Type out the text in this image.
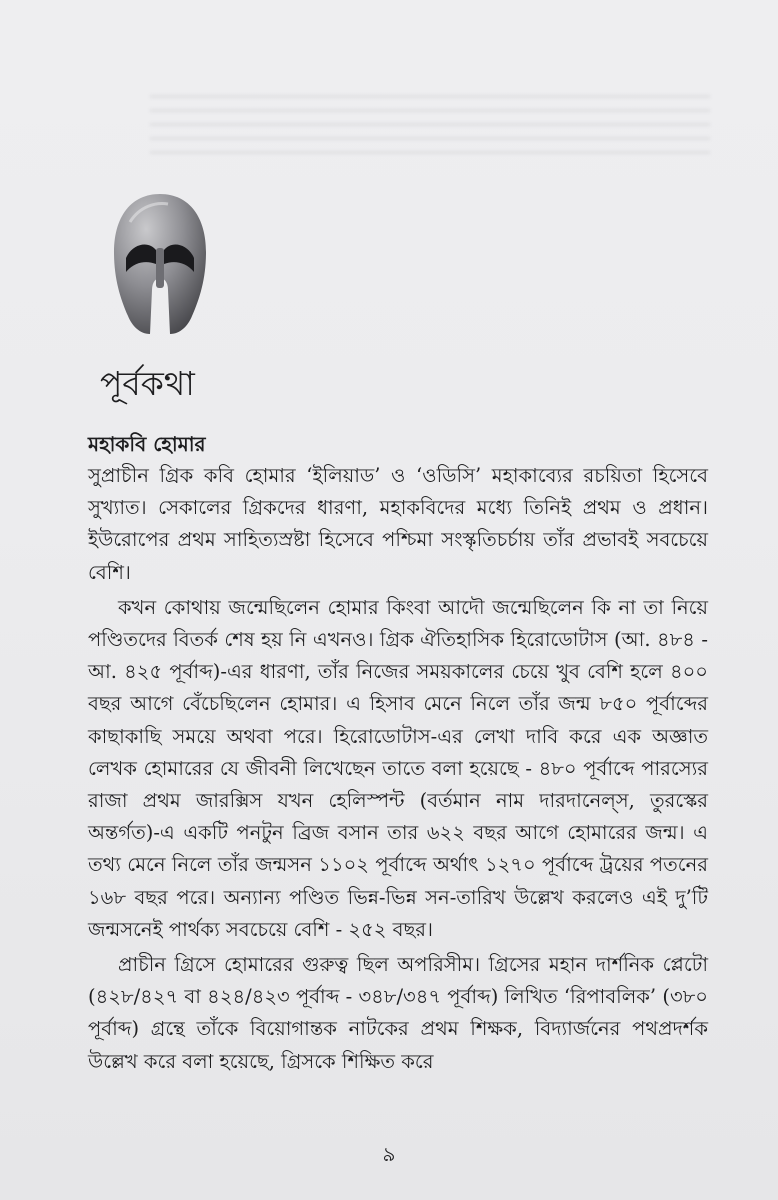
পূর্বকথা
মহাকবি হোমার

সুপ্রাচীন গ্রিক কবি হোমার ‘ইলিয়াড’ ও ‘ওডিসি’ মহাকাব্যের রচয়িতা হিসেবে সুখ্যাত। সেকালের গ্রিকদের ধারণা, মহাকবিদের মধ্যে তিনিই প্রথম ও প্রধান। ইউরোপের প্রথম সাহিত্যস্রষ্টা হিসেবে পশ্চিমা সংস্কৃতিচর্চায় তাঁর প্রভাবই সবচেয়ে বেশি।

কখন কোথায় জন্মেছিলেন হোমার কিংবা আদৌ জন্মেছিলেন কি না তা নিয়ে পণ্ডিতদের বিতর্ক শেষ হয় নি এখনও। গ্রিক ঐতিহাসিক হিরোডোটাস (আ. ৪৮৪ - আ. ৪২৫ পূর্বাব্দ)-এর ধারণা, তাঁর নিজের সময়কালের চেয়ে খুব বেশি হলে ৪০০ বছর আগে বেঁচেছিলেন হোমার। এ হিসাব মেনে নিলে তাঁর জন্ম ৮৫০ পূর্বাব্দের কাছাকাছি সময়ে অথবা পরে। হিরোডোটাস-এর লেখা দাবি করে এক অজ্ঞাত লেখক হোমারের যে জীবনী লিখেছেন তাতে বলা হয়েছে - ৪৮০ পূর্বাব্দে পারস্যের রাজা প্রথম জারক্সিস যখন হেলিস্পন্ট (বর্তমান নাম দারদানেল্‌স, তুরস্কের অন্তর্গত)-এ একটি পনটুন ব্রিজ বসান তার ৬২২ বছর আগে হোমারের জন্ম। এ তথ্য মেনে নিলে তাঁর জন্মসন ১১০২ পূর্বাব্দে অর্থাৎ ১২৭০ পূর্বাব্দে ট্রয়ের পতনের ১৬৮ বছর পরে। অন্যান্য পণ্ডিত ভিন্ন-ভিন্ন সন-তারিখ উল্লেখ করলেও এই দু’টি জন্মসনেই পার্থক্য সবচেয়ে বেশি - ২৫২ বছর।

প্রাচীন গ্রিসে হোমারের গুরুত্ব ছিল অপরিসীম। গ্রিসের মহান দার্শনিক প্লেটো (৪২৮/৪২৭ বা ৪২৪/৪২৩ পূর্বাব্দ - ৩৪৮/৩৪৭ পূর্বাব্দ) লিখিত ‘রিপাবলিক’ (৩৮০ পূর্বাব্দ) গ্রন্থে তাঁকে বিয়োগান্তক নাটকের প্রথম শিক্ষক, বিদ্যার্জনের পথপ্রদর্শক উল্লেখ করে বলা হয়েছে, গ্রিসকে শিক্ষিত করে

৯
